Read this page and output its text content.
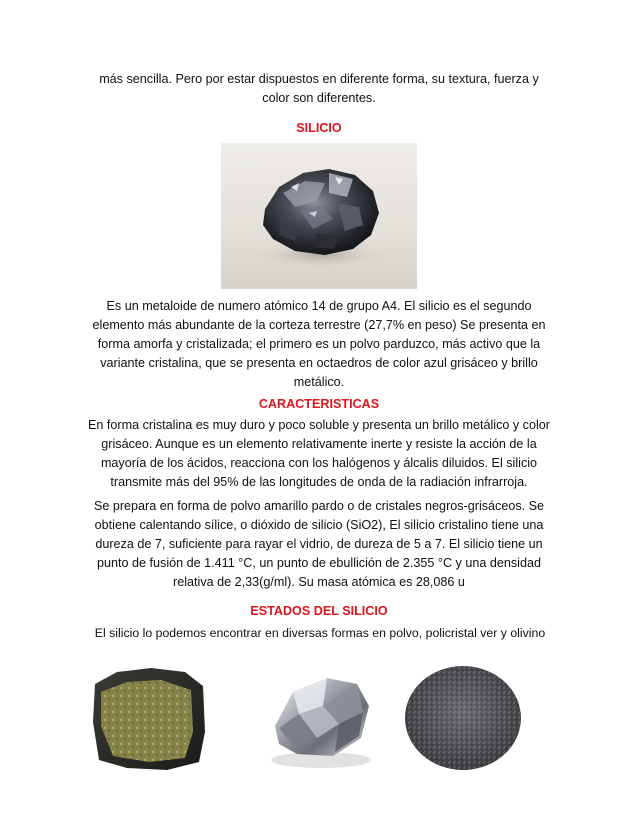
más sencilla. Pero por estar dispuestos en diferente forma, su textura, fuerza y
color son diferentes.

SILICIO

Es un metaloide de numero atómico 14 de grupo A4. El silicio es el segundo
elemento más abundante de la corteza terrestre (27,7% en peso) Se presenta en
forma amorfa y cristalizada; el primero es un polvo parduzco, más activo que la
variante cristalina, que se presenta en octaedros de color azul grisáceo y brillo
metálico.

CARACTERISTICAS

En forma cristalina es muy duro y poco soluble y presenta un brillo metálico y color
grisáceo. Aunque es un elemento relativamente inerte y resiste la acción de la
mayoría de los ácidos, reacciona con los halógenos y álcalis diluidos. El silicio
transmite más del 95% de las longitudes de onda de la radiación infrarroja.

Se prepara en forma de polvo amarillo pardo o de cristales negros-grisáceos. Se
obtiene calentando sílice, o dióxido de silicio (SiO2), El silicio cristalino tiene una
dureza de 7, suficiente para rayar el vidrio, de dureza de 5 a 7. El silicio tiene un
punto de fusión de 1.411 °C, un punto de ebullición de 2.355 °C y una densidad
relativa de 2,33(g/ml). Su masa atómica es 28,086 u

ESTADOS DEL SILICIO

El silicio lo podemos encontrar en diversas formas en polvo, policristal ver y olivino
